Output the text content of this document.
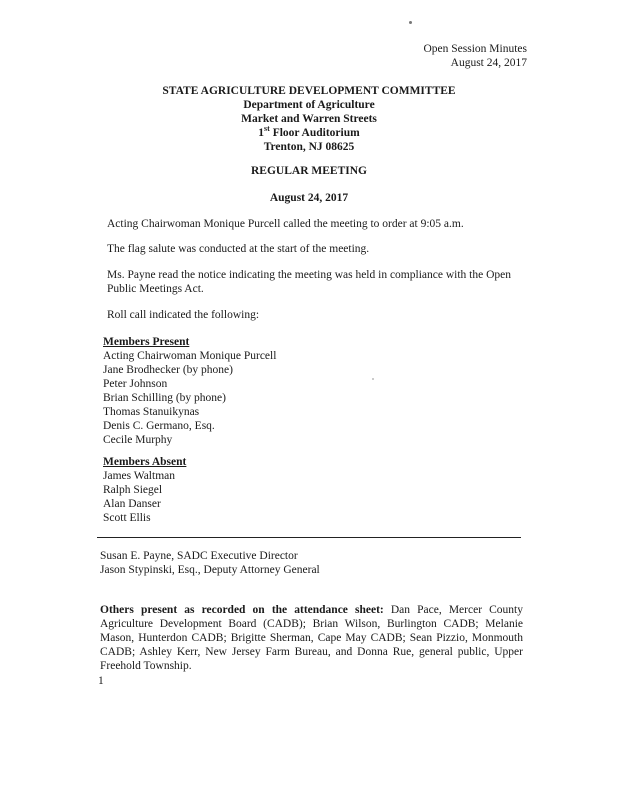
Open Session Minutes
August 24, 2017
STATE AGRICULTURE DEVELOPMENT COMMITTEE
Department of Agriculture
Market and Warren Streets
1st Floor Auditorium
Trenton, NJ 08625
REGULAR MEETING
August 24, 2017
Acting Chairwoman Monique Purcell called the meeting to order at 9:05 a.m.
The flag salute was conducted at the start of the meeting.
Ms. Payne read the notice indicating the meeting was held in compliance with the Open Public Meetings Act.
Roll call indicated the following:
Members Present
Acting Chairwoman Monique Purcell
Jane Brodhecker (by phone)
Peter Johnson
Brian Schilling (by phone)
Thomas Stanuikynas
Denis C. Germano, Esq.
Cecile Murphy
Members Absent
James Waltman
Ralph Siegel
Alan Danser
Scott Ellis
Susan E. Payne, SADC Executive Director
Jason Stypinski, Esq., Deputy Attorney General
Others present as recorded on the attendance sheet: Dan Pace, Mercer County Agriculture Development Board (CADB); Brian Wilson, Burlington CADB; Melanie Mason, Hunterdon CADB; Brigitte Sherman, Cape May CADB; Sean Pizzio, Monmouth CADB; Ashley Kerr, New Jersey Farm Bureau, and Donna Rue, general public, Upper Freehold Township.
1
